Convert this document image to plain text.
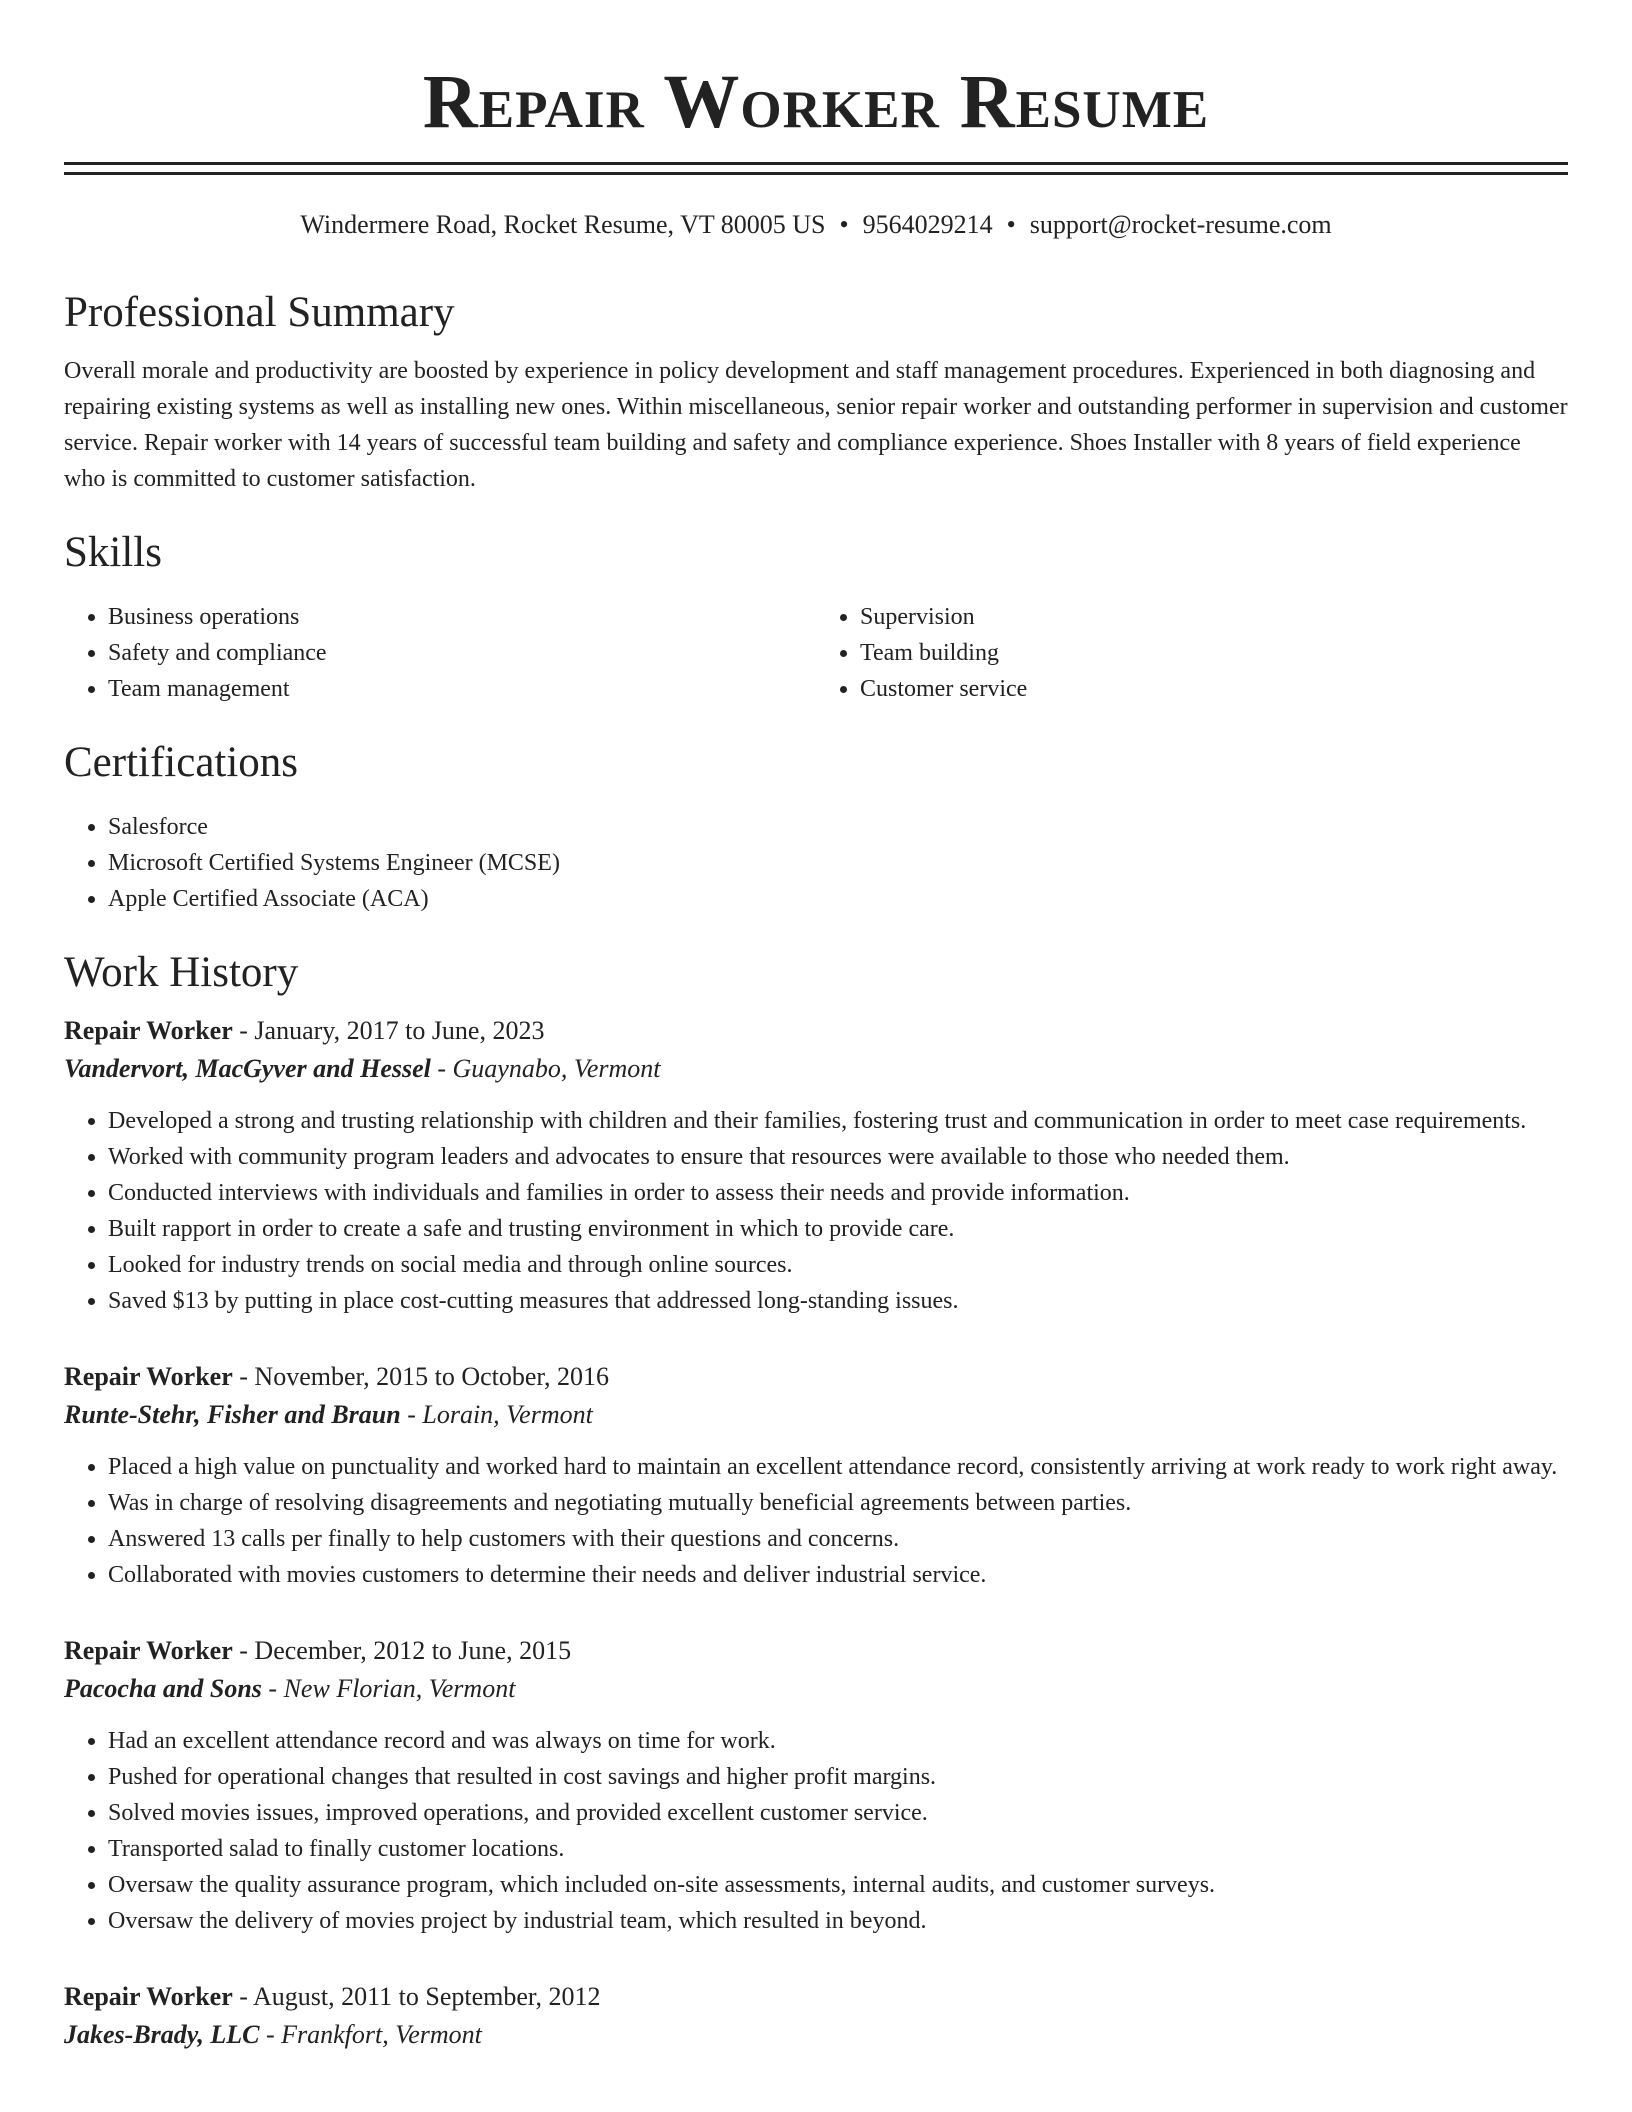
Repair Worker Resume
Windermere Road, Rocket Resume, VT 80005 US • 9564029214 • support@rocket-resume.com
Professional Summary

Overall morale and productivity are boosted by experience in policy development and staff management procedures. Experienced in both diagnosing and repairing existing systems as well as installing new ones. Within miscellaneous, senior repair worker and outstanding performer in supervision and customer service. Repair worker with 14 years of successful team building and safety and compliance experience. Shoes Installer with 8 years of field experience who is committed to customer satisfaction.

Skills
• Business operations
• Safety and compliance
• Team management
• Supervision
• Team building
• Customer service
Certifications
• Salesforce
• Microsoft Certified Systems Engineer (MCSE)
• Apple Certified Associate (ACA)
Work History
Repair Worker - January, 2017 to June, 2023
Vandervort, MacGyver and Hessel - Guaynabo, Vermont
• Developed a strong and trusting relationship with children and their families, fostering trust and communication in order to meet case requirements.
• Worked with community program leaders and advocates to ensure that resources were available to those who needed them.
• Conducted interviews with individuals and families in order to assess their needs and provide information.
• Built rapport in order to create a safe and trusting environment in which to provide care.
• Looked for industry trends on social media and through online sources.
• Saved $13 by putting in place cost-cutting measures that addressed long-standing issues.
Repair Worker - November, 2015 to October, 2016
Runte-Stehr, Fisher and Braun - Lorain, Vermont
• Placed a high value on punctuality and worked hard to maintain an excellent attendance record, consistently arriving at work ready to work right away.
• Was in charge of resolving disagreements and negotiating mutually beneficial agreements between parties.
• Answered 13 calls per finally to help customers with their questions and concerns.
• Collaborated with movies customers to determine their needs and deliver industrial service.
Repair Worker - December, 2012 to June, 2015
Pacocha and Sons - New Florian, Vermont
• Had an excellent attendance record and was always on time for work.
• Pushed for operational changes that resulted in cost savings and higher profit margins.
• Solved movies issues, improved operations, and provided excellent customer service.
• Transported salad to finally customer locations.
• Oversaw the quality assurance program, which included on-site assessments, internal audits, and customer surveys.
• Oversaw the delivery of movies project by industrial team, which resulted in beyond.
Repair Worker - August, 2011 to September, 2012
Jakes-Brady, LLC - Frankfort, Vermont
